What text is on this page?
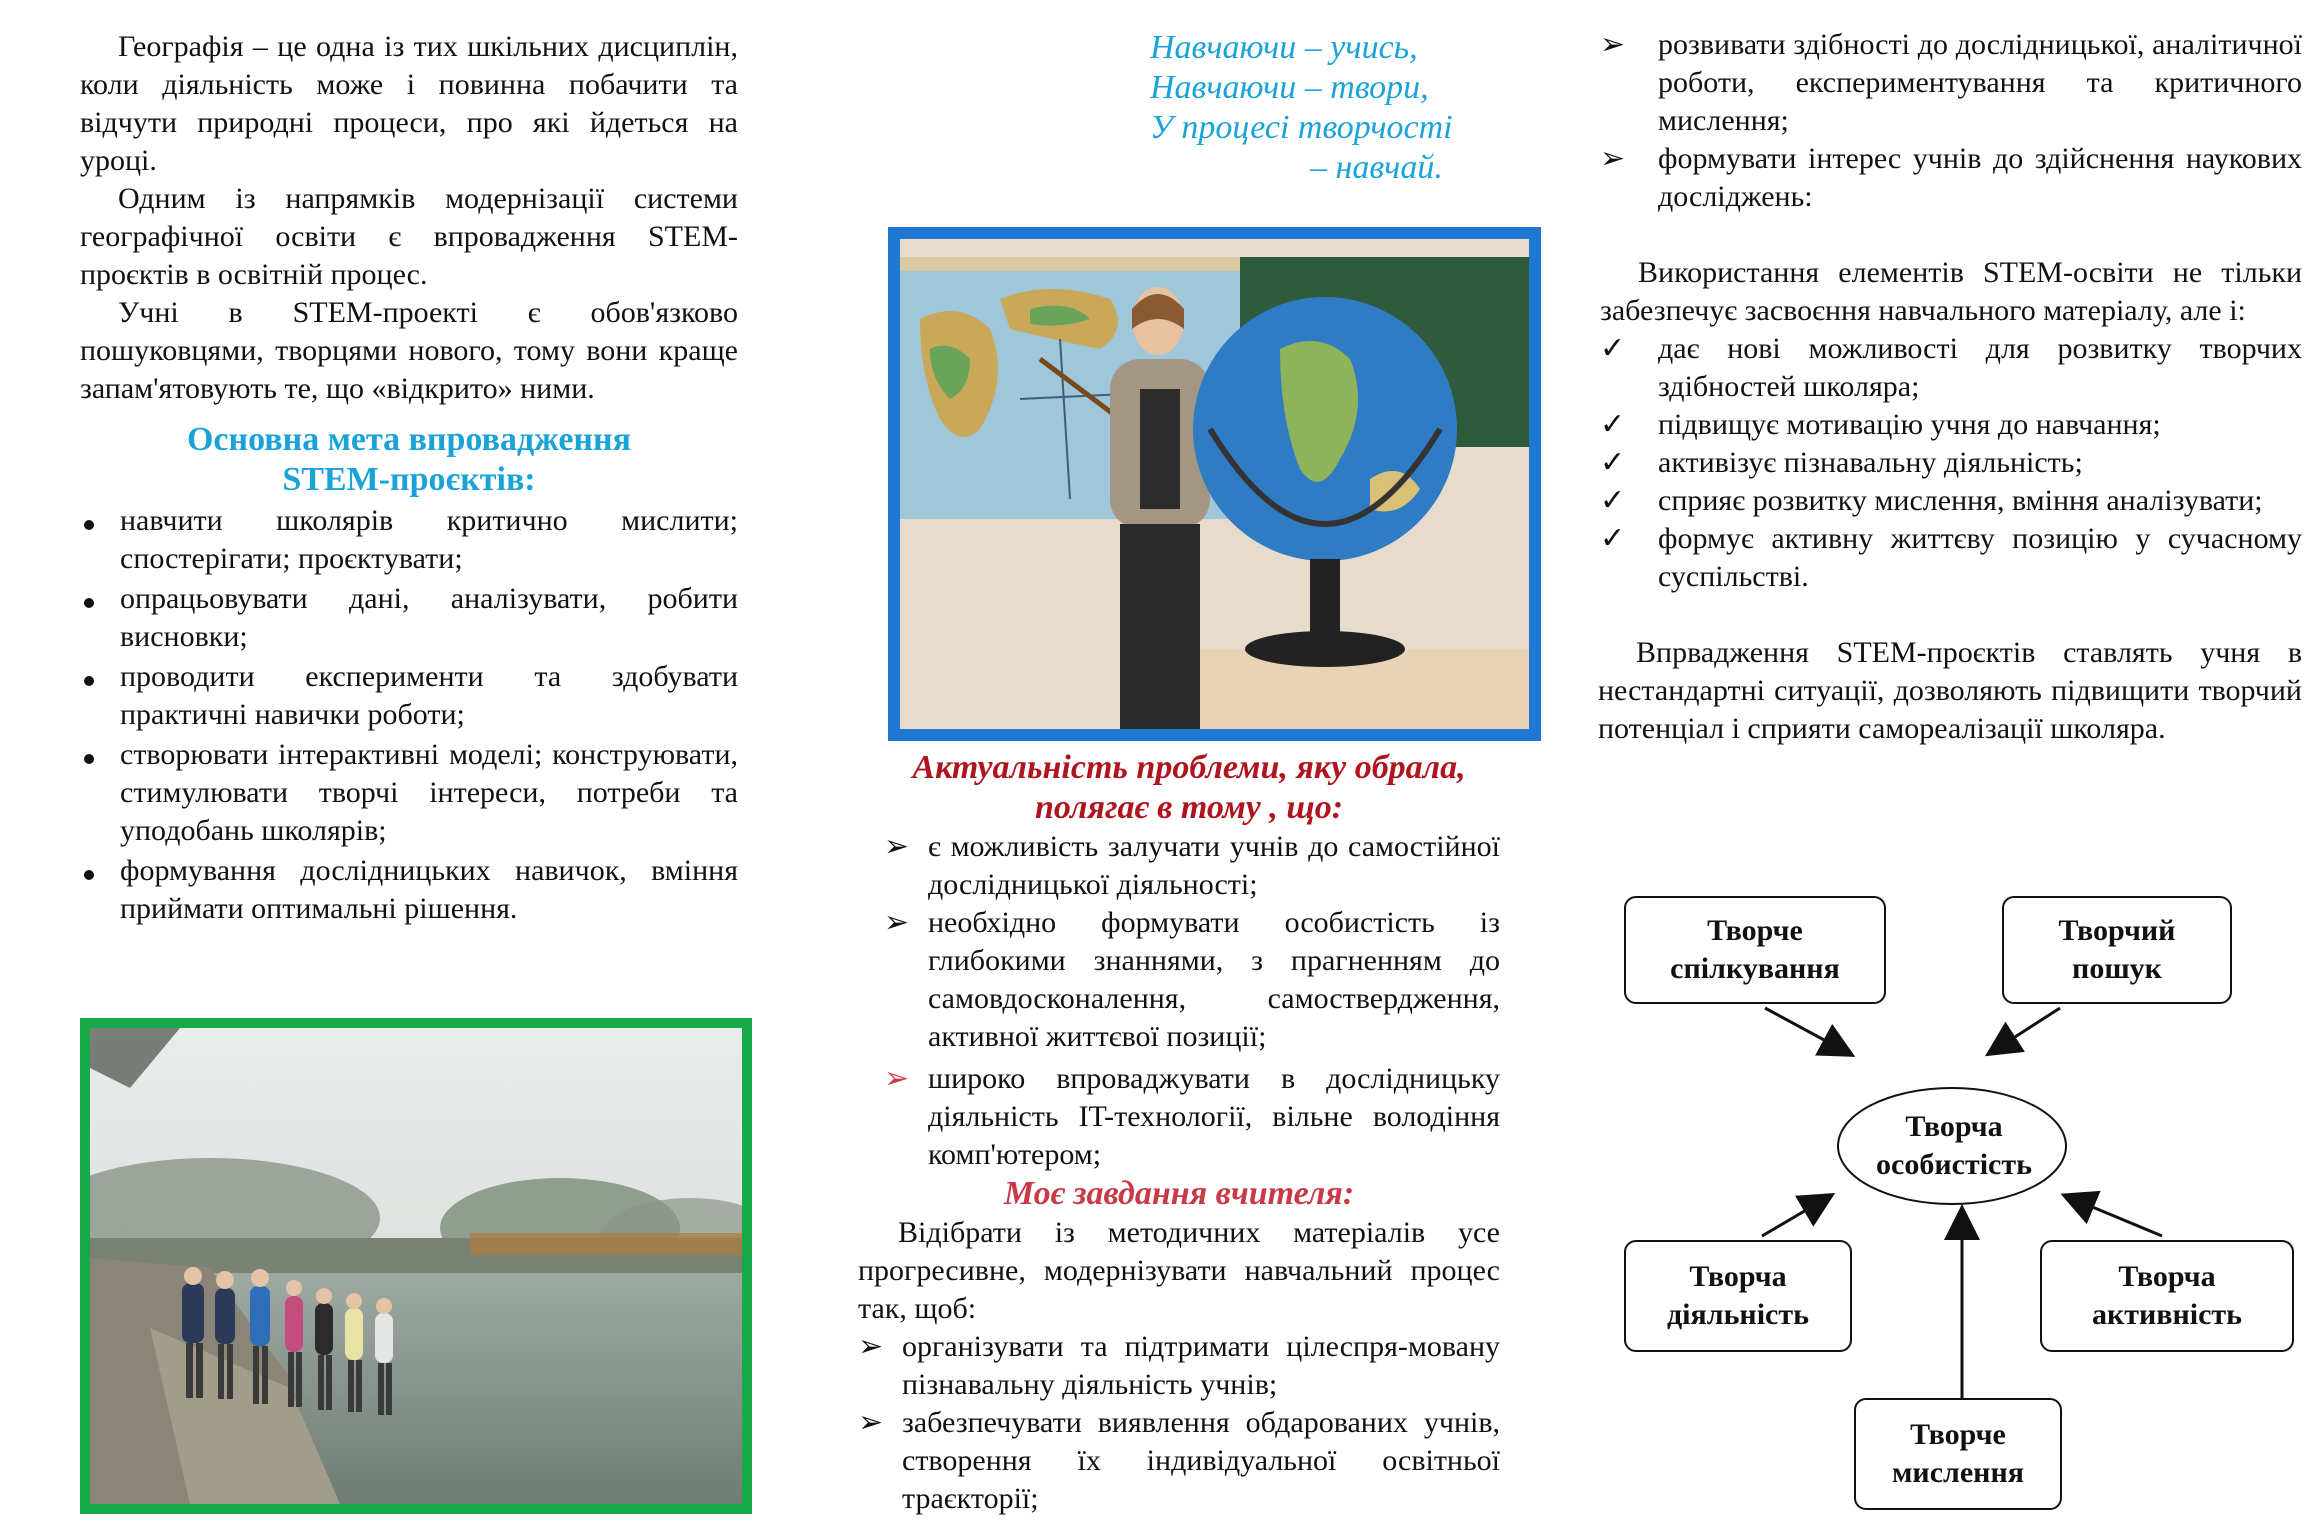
Географія – це одна із тих шкільних дисциплін, коли діяльність може і повинна побачити та відчути природні процеси, про які йдеться на уроці.

Одним із напрямків модернізації системи географічної освіти є впровадження STEM-проєктів в освітній процес.

Учні в STEM-проекті є обов'язково пошуковцями, творцями нового, тому вони краще запам'ятовують те, що «відкрито» ними.

Основна мета впровадження

STEM-проєктів:

навчити школярів критично мислити; спостерігати; проєктувати;
опрацьовувати дані, аналізувати, робити висновки;
проводити експерименти та здобувати практичні навички роботи;
створювати інтерактивні моделі; конструювати, стимулювати творчі інтереси, потреби та уподобань школярів;
формування дослідницьких навичок, вміння приймати оптимальні рішення.

Навчаючи – учись,

Навчаючи – твори,

У процесі творчості

– навчай.

Актуальність проблеми, яку обрала,

полягає в тому , що:

➢ є можливість залучати учнів до самостійної дослідницької діяльності;
➢ необхідно формувати особистість із глибокими знаннями, з прагненням до самовдосконалення, самоствердження, активної життєвої позиції;
➢ широко впроваджувати в дослідницьку діяльність IT-технології, вільне володіння комп'ютером;

Моє завдання вчителя:

Відібрати із методичних матеріалів усе прогресивне, модернізувати навчальний процес так, щоб:

➢ організувати та підтримати цілеспря-мовану пізнавальну діяльність учнів;
➢ забезпечувати виявлення обдарованих учнів, створення їх індивідуальної освітньої траєкторії;
➢	розвивати здібності до дослідницької, аналітичної роботи, експериментування та критичного мислення;
➢	формувати інтерес учнів до здійснення наукових досліджень:

Використання елементів STEM-освіти не тільки забезпечує засвоєння навчального матеріалу, але і:

✓	дає нові можливості для розвитку творчих здібностей школяра;
✓	підвищує мотивацію учня до навчання;
✓	активізує пізнавальну діяльність;
✓	сприяє розвитку мислення, вміння аналізувати;
✓	формує активну життєву позицію у сучасному суспільстві.

Впрвадження STEM-проєктів ставлять учня в нестандартні ситуації, дозволяють підвищити творчий потенціал і сприяти самореалізації школяра.

Творча
особистість
Творче
спілкування
Творчий
пошук
Творча
діяльність
Творча
активність
Творче
мислення
